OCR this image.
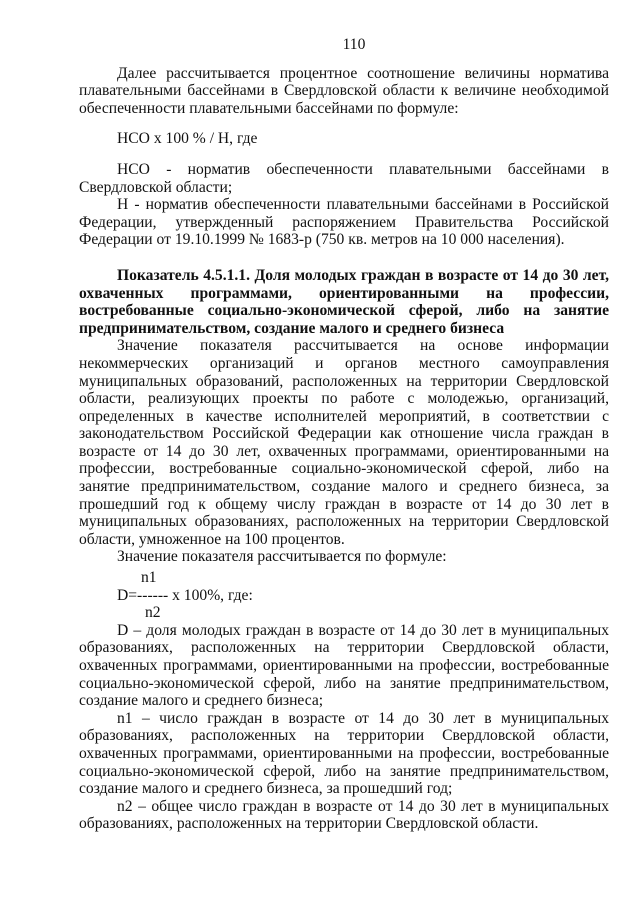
110

Далее рассчитывается процентное соотношение величины норматива плавательными бассейнами в Свердловской области к величине необходимой обеспеченности плавательными бассейнами по формуле:

НСО х 100 % / Н, где

НСО - норматив обеспеченности плавательными бассейнами в Свердловской области;

Н - норматив обеспеченности плавательными бассейнами в Российской Федерации, утвержденный распоряжением Правительства Российской Федерации от 19.10.1999 № 1683-р (750 кв. метров на 10 000 населения).

Показатель 4.5.1.1. Доля молодых граждан в возрасте от 14 до 30 лет, охваченных программами, ориентированными на профессии, востребованные социально-экономической сферой, либо на занятие предпринимательством, создание малого и среднего бизнеса

Значение показателя рассчитывается на основе информации некоммерческих организаций и органов местного самоуправления муниципальных образований, расположенных на территории Свердловской области, реализующих проекты по работе с молодежью, организаций, определенных в качестве исполнителей мероприятий, в соответствии с законодательством Российской Федерации как отношение числа граждан в возрасте от 14 до 30 лет, охваченных программами, ориентированными на профессии, востребованные социально-экономической сферой, либо на занятие предпринимательством, создание малого и среднего бизнеса, за прошедший год к общему числу граждан в возрасте от 14 до 30 лет в муниципальных образованиях, расположенных на территории Свердловской области, умноженное на 100 процентов.

Значение показателя рассчитывается по формуле:

n1
D=------ х 100%, где:
n2

D – доля молодых граждан в возрасте от 14 до 30 лет в муниципальных образованиях, расположенных на территории Свердловской области, охваченных программами, ориентированными на профессии, востребованные социально-экономической сферой, либо на занятие предпринимательством, создание малого и среднего бизнеса;

n1 – число граждан в возрасте от 14 до 30 лет в муниципальных образованиях, расположенных на территории Свердловской области, охваченных программами, ориентированными на профессии, востребованные социально-экономической сферой, либо на занятие предпринимательством, создание малого и среднего бизнеса, за прошедший год;

n2 – общее число граждан в возрасте от 14 до 30 лет в муниципальных образованиях, расположенных на территории Свердловской области.
